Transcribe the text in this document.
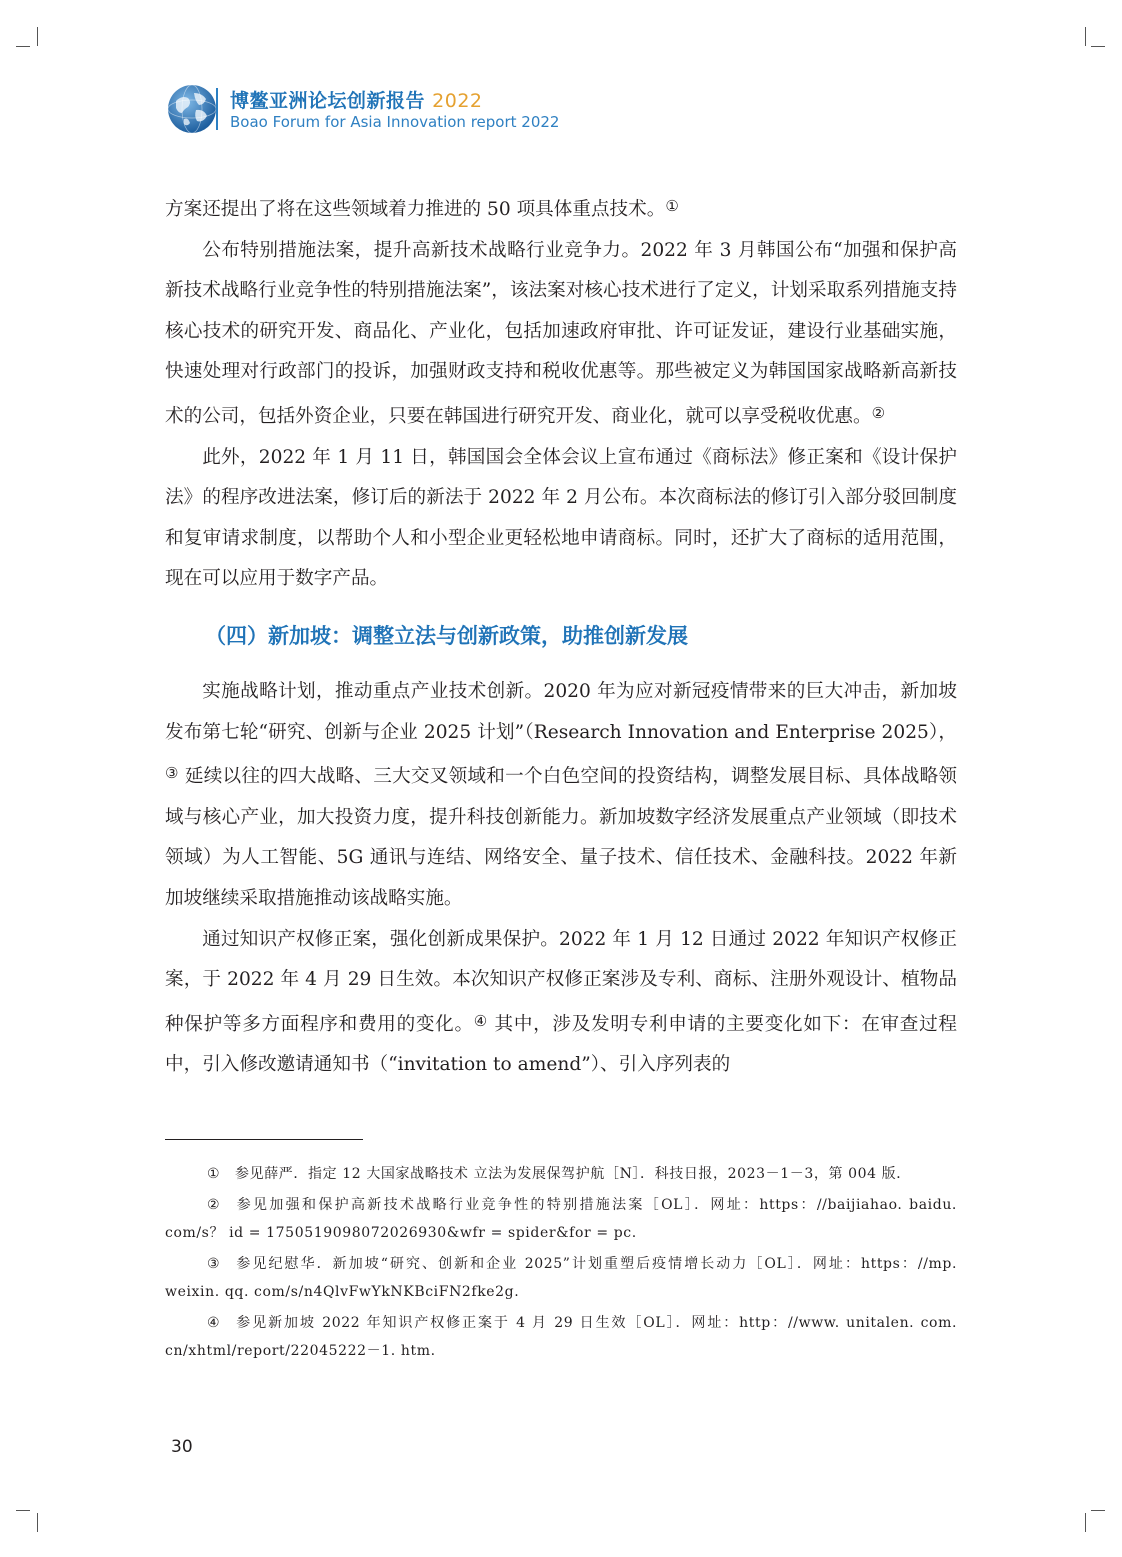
博鳌亚洲论坛创新报告 2022
Boao Forum for Asia Innovation report 2022

方案还提出了将在这些领域着力推进的 50 项具体重点技术。①

公布特别措施法案，提升高新技术战略行业竞争力。2022 年 3 月韩国公布“加强和保护高新技术战略行业竞争性的特别措施法案”，该法案对核心技术进行了定义，计划采取系列措施支持核心技术的研究开发、商品化、产业化，包括加速政府审批、许可证发证，建设行业基础实施，快速处理对行政部门的投诉，加强财政支持和税收优惠等。那些被定义为韩国国家战略新高新技术的公司，包括外资企业，只要在韩国进行研究开发、商业化，就可以享受税收优惠。②

此外，2022 年 1 月 11 日，韩国国会全体会议上宣布通过《商标法》修正案和《设计保护法》的程序改进法案，修订后的新法于 2022 年 2 月公布。本次商标法的修订引入部分驳回制度和复审请求制度，以帮助个人和小型企业更轻松地申请商标。同时，还扩大了商标的适用范围，现在可以应用于数字产品。

（四）新加坡：调整立法与创新政策，助推创新发展

实施战略计划，推动重点产业技术创新。2020 年为应对新冠疫情带来的巨大冲击，新加坡发布第七轮“研究、创新与企业 2025 计划”（Research Innovation and Enterprise 2025），③ 延续以往的四大战略、三大交叉领域和一个白色空间的投资结构，调整发展目标、具体战略领域与核心产业，加大投资力度，提升科技创新能力。新加坡数字经济发展重点产业领域（即技术领域）为人工智能、5G 通讯与连结、网络安全、量子技术、信任技术、金融科技。2022 年新加坡继续采取措施推动该战略实施。

通过知识产权修正案，强化创新成果保护。2022 年 1 月 12 日通过 2022 年知识产权修正案，于 2022 年 4 月 29 日生效。本次知识产权修正案涉及专利、商标、注册外观设计、植物品种保护等多方面程序和费用的变化。④ 其中，涉及发明专利申请的主要变化如下：在审查过程中，引入修改邀请通知书（“invitation to amend”）、引入序列表的

① 参见薛严．指定 12 大国家战略技术 立法为发展保驾护航［N］．科技日报，2023－1－3，第 004 版．

② 参见加强和保护高新技术战略行业竞争性的特别措施法案［OL］．网址：https：//baijiahao. baidu. com/s？ id = 1750519098072026930&wfr = spider&for = pc.

③ 参见纪慰华．新加坡“研究、创新和企业 2025”计划重塑后疫情增长动力［OL］．网址：https：//mp. weixin. qq. com/s/n4QlvFwYkNKBciFN2fke2g.

④ 参见新加坡 2022 年知识产权修正案于 4 月 29 日生效［OL］．网址：http：//www. unitalen. com. cn/xhtml/report/22045222－1. htm.

30
